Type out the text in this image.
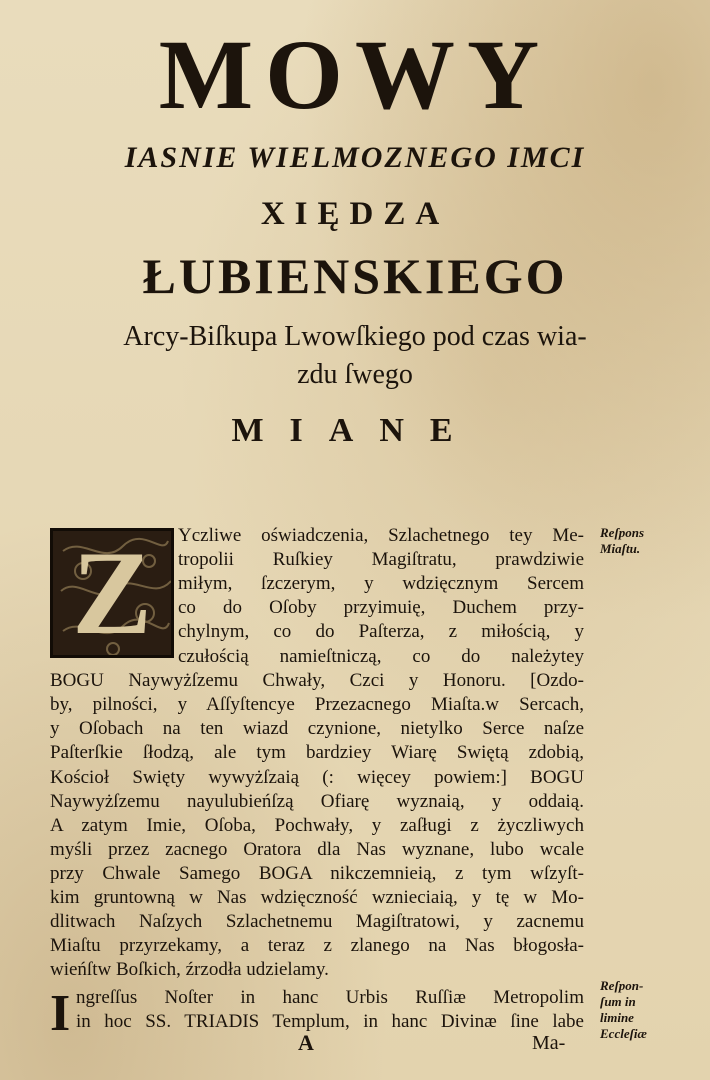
MOWY
IASNIE WIELMOZNEGO IMCI
XIĘDZA
ŁUBIENSKIEGO
Arcy-Biſkupa Lwowſkiego pod czas wia-
zdu ſwego
MIANE
Z Yczliwe oświadczenia, Szlachetnego tey Me-
tropolii Ruſkiey Magiſtratu, prawdziwie
miłym, ſzczerym, y wdzięcznym Sercem
co do Oſoby przyimuię, Duchem przy-
chylnym, co do Paſterza, z miłością, y
czułością namieſtniczą, co do należytey
BOGU Naywyżſzemu Chwały, Czci y Honoru. [Ozdo-
by, pilności, y Aſſyſtencye Przezacnego Miaſta.w Sercach,
y Oſobach na ten wiazd czynione, nietylko Serce naſze
Paſterſkie ſłodzą, ale tym bardziey Wiarę Swiętą zdobią,
Kościoł Swięty wywyżſzaią (: więcey powiem:] BOGU
Naywyżſzemu nayulubieńſzą Ofiarę wyznaią, y oddaią.
A zatym Imie, Oſoba, Pochwały, y zaſługi z życzliwych
myśli przez zacnego Oratora dla Nas wyznane, lubo wcale
przy Chwale Samego BOGA nikczemnieią, z tym wſzyſt-
kim gruntowną w Nas wdzięczność wznieciaią, y tę w Mo-
dlitwach Naſzych Szlachetnemu Magiſtratowi, y zacnemu
Miaſtu przyrzekamy, a teraz z zlanego na Nas błogosła-
wieńſtw Boſkich, źrzodła udzielamy.
I ngreſſus Noſter in hanc Urbis Ruſſiæ Metropolim
in hoc SS. TRIADIS Templum, in hanc Divinæ ſine labe
Reſpons
Miaſtu.
Reſpon-
ſum in
limine
Eccleſiæ
A	Ma-
